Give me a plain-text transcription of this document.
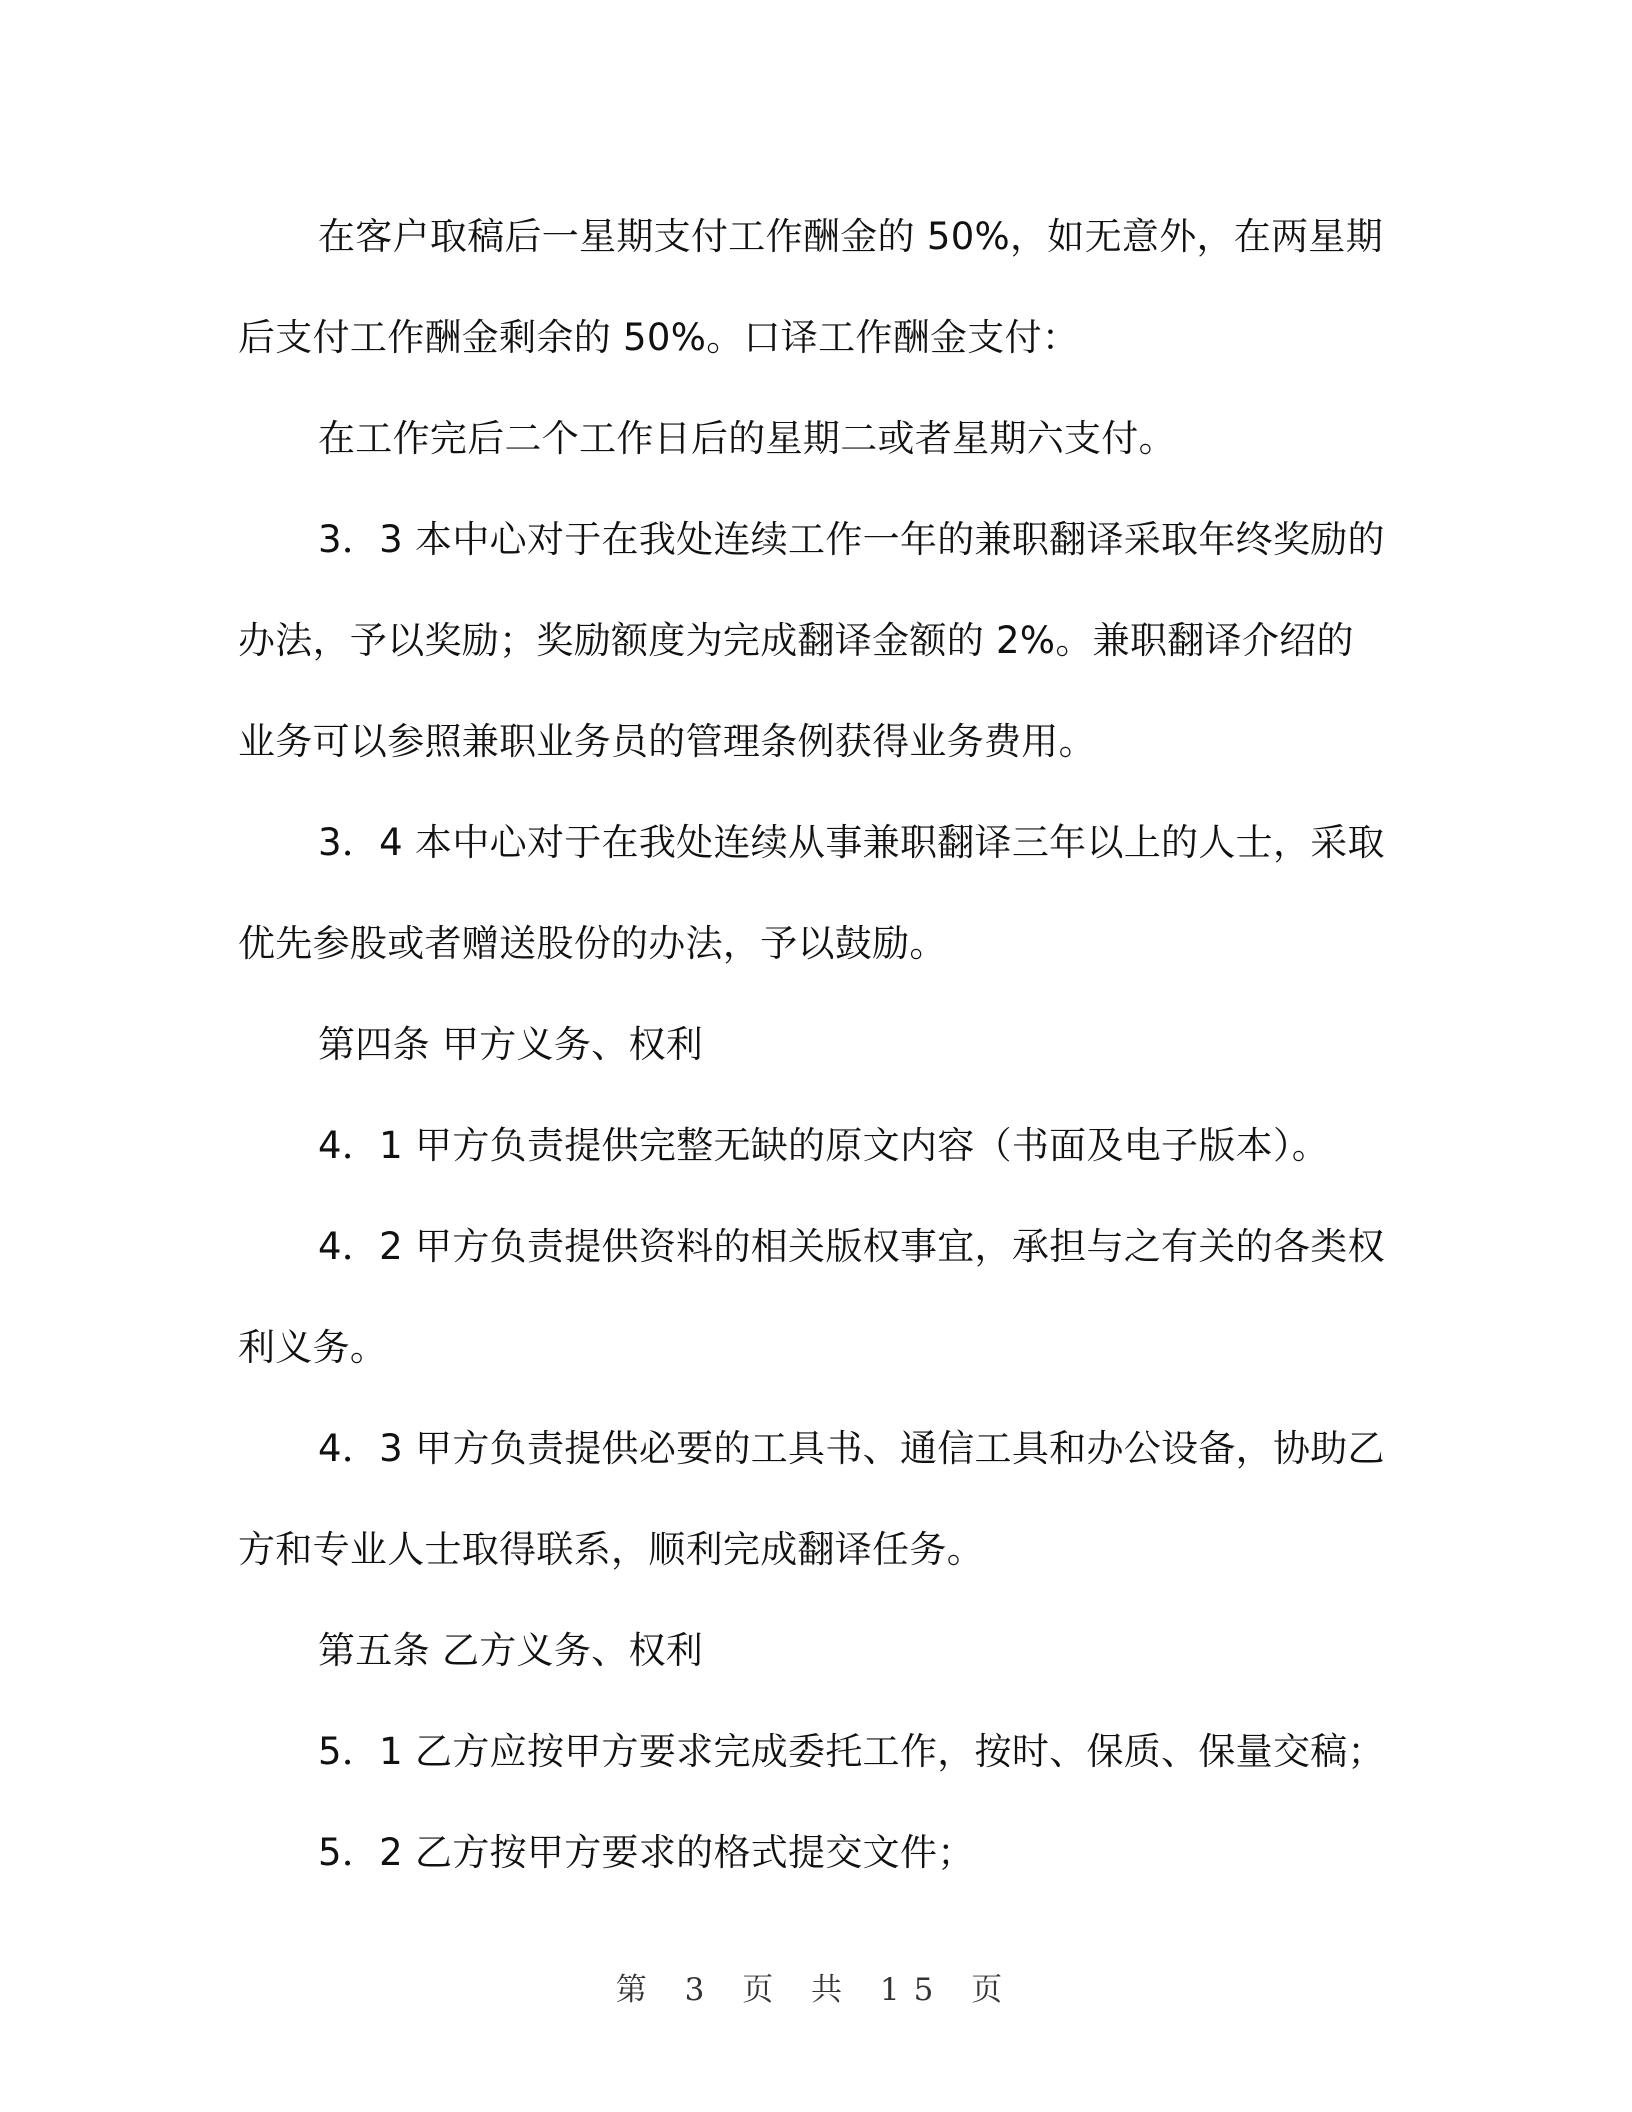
在客户取稿后一星期支付工作酬金的 50%，如无意外，在两星期后支付工作酬金剩余的 50%。口译工作酬金支付：

在工作完后二个工作日后的星期二或者星期六支付。

3．3 本中心对于在我处连续工作一年的兼职翻译采取年终奖励的办法，予以奖励；奖励额度为完成翻译金额的 2%。兼职翻译介绍的业务可以参照兼职业务员的管理条例获得业务费用。

3．4 本中心对于在我处连续从事兼职翻译三年以上的人士，采取优先参股或者赠送股份的办法，予以鼓励。

第四条 甲方义务、权利

4．1 甲方负责提供完整无缺的原文内容（书面及电子版本）。

4．2 甲方负责提供资料的相关版权事宜，承担与之有关的各类权利义务。

4．3 甲方负责提供必要的工具书、通信工具和办公设备，协助乙方和专业人士取得联系，顺利完成翻译任务。

第五条 乙方义务、权利

5．1 乙方应按甲方要求完成委托工作，按时、保质、保量交稿；

5．2 乙方按甲方要求的格式提交文件；

第 3 页 共 15 页
